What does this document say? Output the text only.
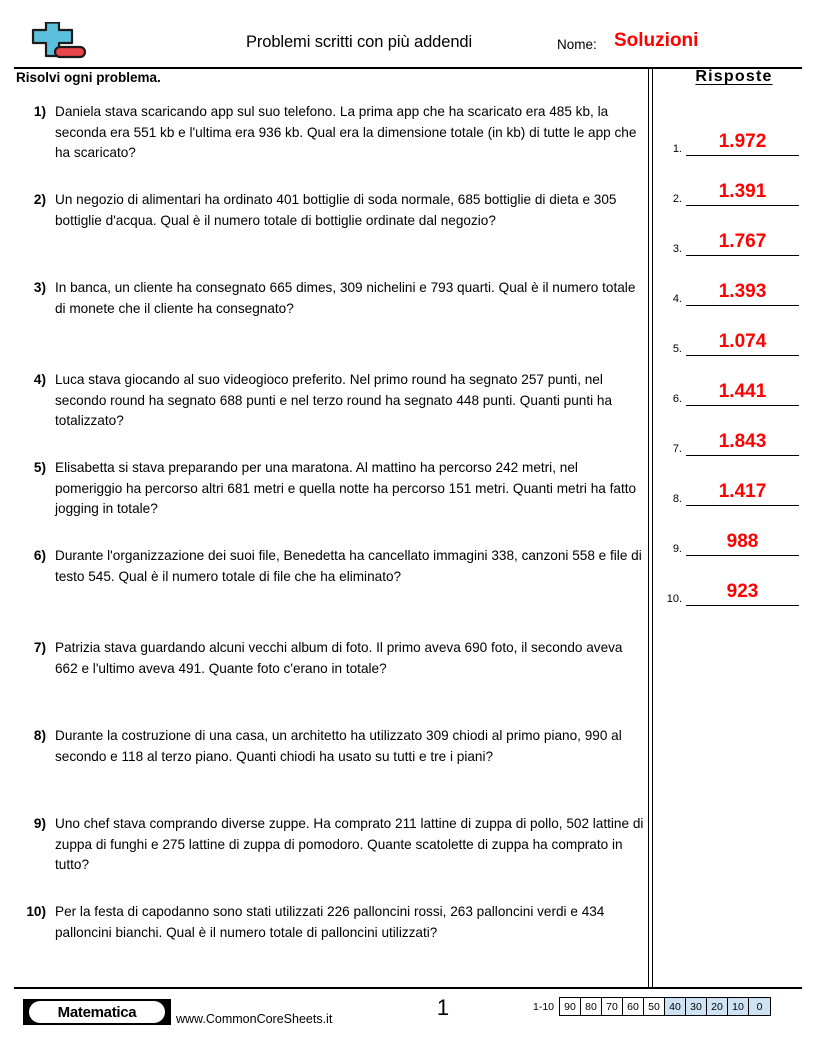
Problemi scritti con più addendi	Nome: Soluzioni
Risolvi ogni problema.
1) Daniela stava scaricando app sul suo telefono. La prima app che ha scaricato era 485 kb, la seconda era 551 kb e l'ultima era 936 kb. Qual era la dimensione totale (in kb) di tutte le app che ha scaricato?
2) Un negozio di alimentari ha ordinato 401 bottiglie di soda normale, 685 bottiglie di dieta e 305 bottiglie d'acqua. Qual è il numero totale di bottiglie ordinate dal negozio?
3) In banca, un cliente ha consegnato 665 dimes, 309 nichelini e 793 quarti. Qual è il numero totale di monete che il cliente ha consegnato?
4) Luca stava giocando al suo videogioco preferito. Nel primo round ha segnato 257 punti, nel secondo round ha segnato 688 punti e nel terzo round ha segnato 448 punti. Quanti punti ha totalizzato?
5) Elisabetta si stava preparando per una maratona. Al mattino ha percorso 242 metri, nel pomeriggio ha percorso altri 681 metri e quella notte ha percorso 151 metri. Quanti metri ha fatto jogging in totale?
6) Durante l'organizzazione dei suoi file, Benedetta ha cancellato immagini 338, canzoni 558 e file di testo 545. Qual è il numero totale di file che ha eliminato?
7) Patrizia stava guardando alcuni vecchi album di foto. Il primo aveva 690 foto, il secondo aveva 662 e l'ultimo aveva 491. Quante foto c'erano in totale?
8) Durante la costruzione di una casa, un architetto ha utilizzato 309 chiodi al primo piano, 990 al secondo e 118 al terzo piano. Quanti chiodi ha usato su tutti e tre i piani?
9) Uno chef stava comprando diverse zuppe. Ha comprato 211 lattine di zuppa di pollo, 502 lattine di zuppa di funghi e 275 lattine di zuppa di pomodoro. Quante scatolette di zuppa ha comprato in tutto?
10) Per la festa di capodanno sono stati utilizzati 226 palloncini rossi, 263 palloncini verdi e 434 palloncini bianchi. Qual è il numero totale di palloncini utilizzati?
Risposte
1.	1.972
2.	1.391
3.	1.767
4.	1.393
5.	1.074
6.	1.441
7.	1.843
8.	1.417
9.	988
10.	923
Matematica	www.CommonCoreSheets.it	1	1-10 90 80 70 60 50 40 30 20 10	0
